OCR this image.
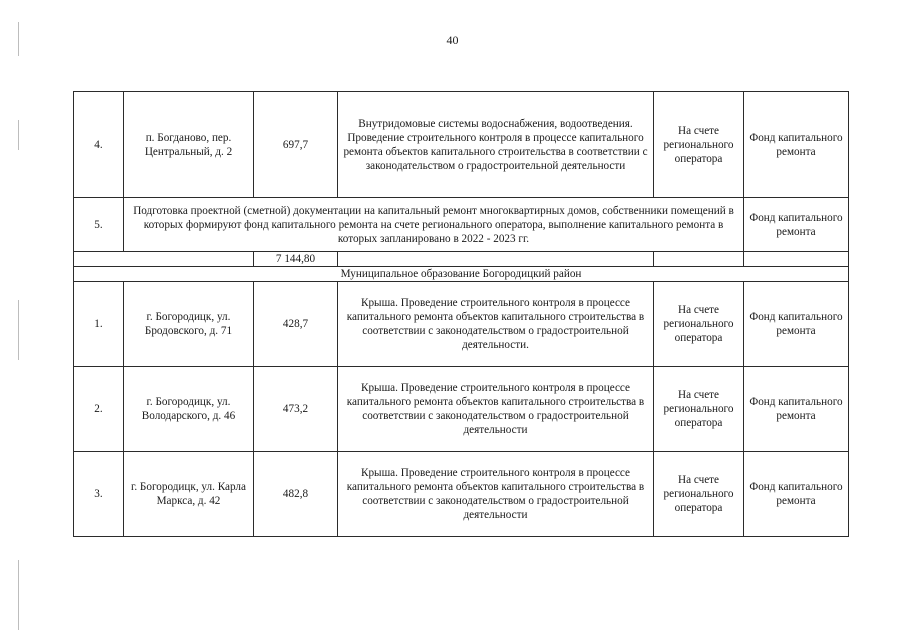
40
4.	п. Богданово, пер. Центральный, д. 2	697,7	Внутридомовые системы водоснабжения, водоотведения. Проведение строительного контроля в процессе капитального ремонта объектов капитального строительства в соответствии с законодательством о градостроительной деятельности	На счете регионального оператора	Фонд капитального ремонта
5.	Подготовка проектной (сметной) документации на капитальный ремонт многоквартирных домов, собственники помещений в которых формируют фонд капитального ремонта на счете регионального оператора, выполнение капитального ремонта в которых запланировано в 2022 - 2023 гг.				Фонд капитального ремонта
		7 144,80			
Муниципальное образование Богородицкий район					
1.	г. Богородицк, ул. Бродовского, д. 71	428,7	Крыша. Проведение строительного контроля в процессе капитального ремонта объектов капитального строительства в соответствии с законодательством о градостроительной деятельности.	На счете регионального оператора	Фонд капитального ремонта
2.	г. Богородицк, ул. Володарского, д. 46	473,2	Крыша. Проведение строительного контроля в процессе капитального ремонта объектов капитального строительства в соответствии с законодательством о градостроительной деятельности	На счете регионального оператора	Фонд капитального ремонта
3.	г. Богородицк, ул. Карла Маркса, д. 42	482,8	Крыша. Проведение строительного контроля в процессе капитального ремонта объектов капитального строительства в соответствии с законодательством о градостроительной деятельности	На счете регионального оператора	Фонд капитального ремонта
